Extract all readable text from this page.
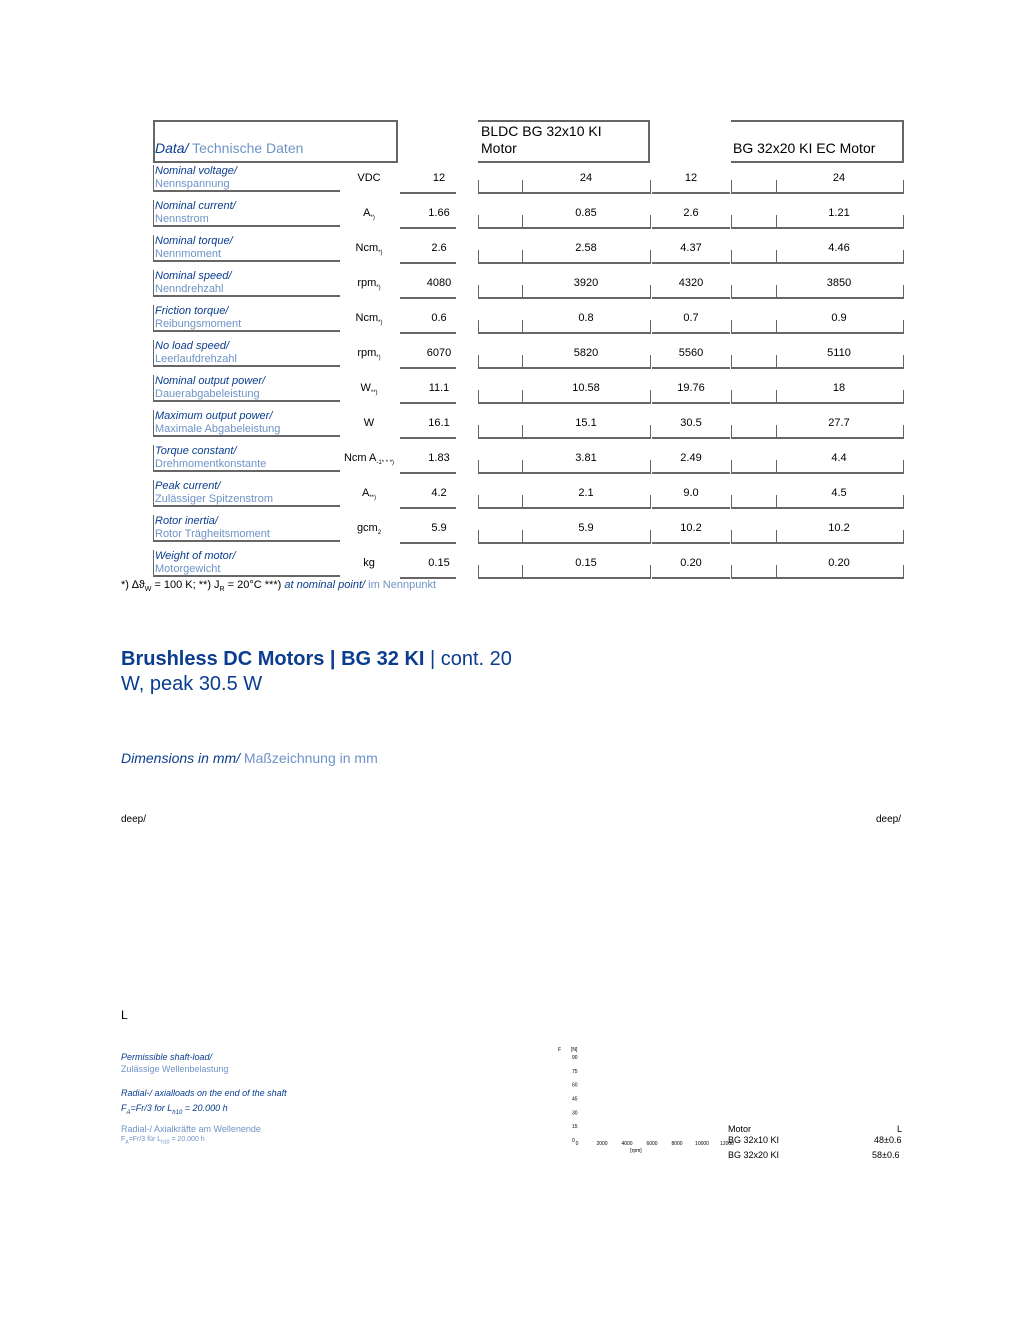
Data/ Technische Daten
BLDC BG 32x10 KI
Motor	BG 32x20 KI EC Motor
Nominal voltage/
Nennspannung	VDC	12	24	12	24
Nominal current/
Nennstrom	$A_{*)}$	1.66	0.85	2.6	1.21
Nominal torque/
Nennmoment	Ncm$_{*)}$	2.6	2.58	4.37	4.46
Nominal speed/
Nenndrehzahl	rpm$_{*)}$	4080	3920	4320	3850
Friction torque/
Reibungsmoment	Ncm$_{*)}$	0.6	0.8	0.7	0.9
No load speed/
Leerlaufdrehzahl	rpm$_{*)}$	6070	5820	5560	5110
Nominal output power/
Dauerabgabeleistung	$W_{**)}$	11.1	10.58	19.76	18
Maximum output power/
Maximale Abgabeleistung	W	16.1	15.1	30.5	27.7
Torque constant/
Drehmomentkonstante	Ncm $A_{-1* * *)}$	1.83	3.81	2.49	4.4
Peak current/
Zulässiger Spitzenstrom	$A_{**)}$	4.2	2.1	9.0	4.5
Rotor inertia/
Rotor Trägheitsmoment	gcm$_2$	5.9	5.9	10.2	10.2
Weight of motor/
Motorgewicht	kg	0.15	0.15	0.20	0.20
*) $\Delta ϑ_W = 100$ K; **) $J_R = 20^\circ C$ ***) at nominal point/ im Nennpunkt
Brushless DC Motors | BG 32 KI | cont. 20
W, peak 30.5 W
Dimensions in mm/ Maßzeichnung in mm
deep/	deep/
L
Permissible shaft-load/
Zulässige Wellenbelastung
Radial-/ axialloads on the end of the shaft
$F_A=Fr/3$ for $L_{h10} = 20.000$ h
Radial-/ Axialkräfte am Wellenende
$F_A=Fr/3$ für $L_{h10} = 20.000$ h
F [N]
90
75
60
45
30
15
0 0	2000	4000	6000	8000 10000 12000
[rpm]
Motor	L
BG 32x10 KI	48±0.6
BG 32x20 KI	58±0.6
